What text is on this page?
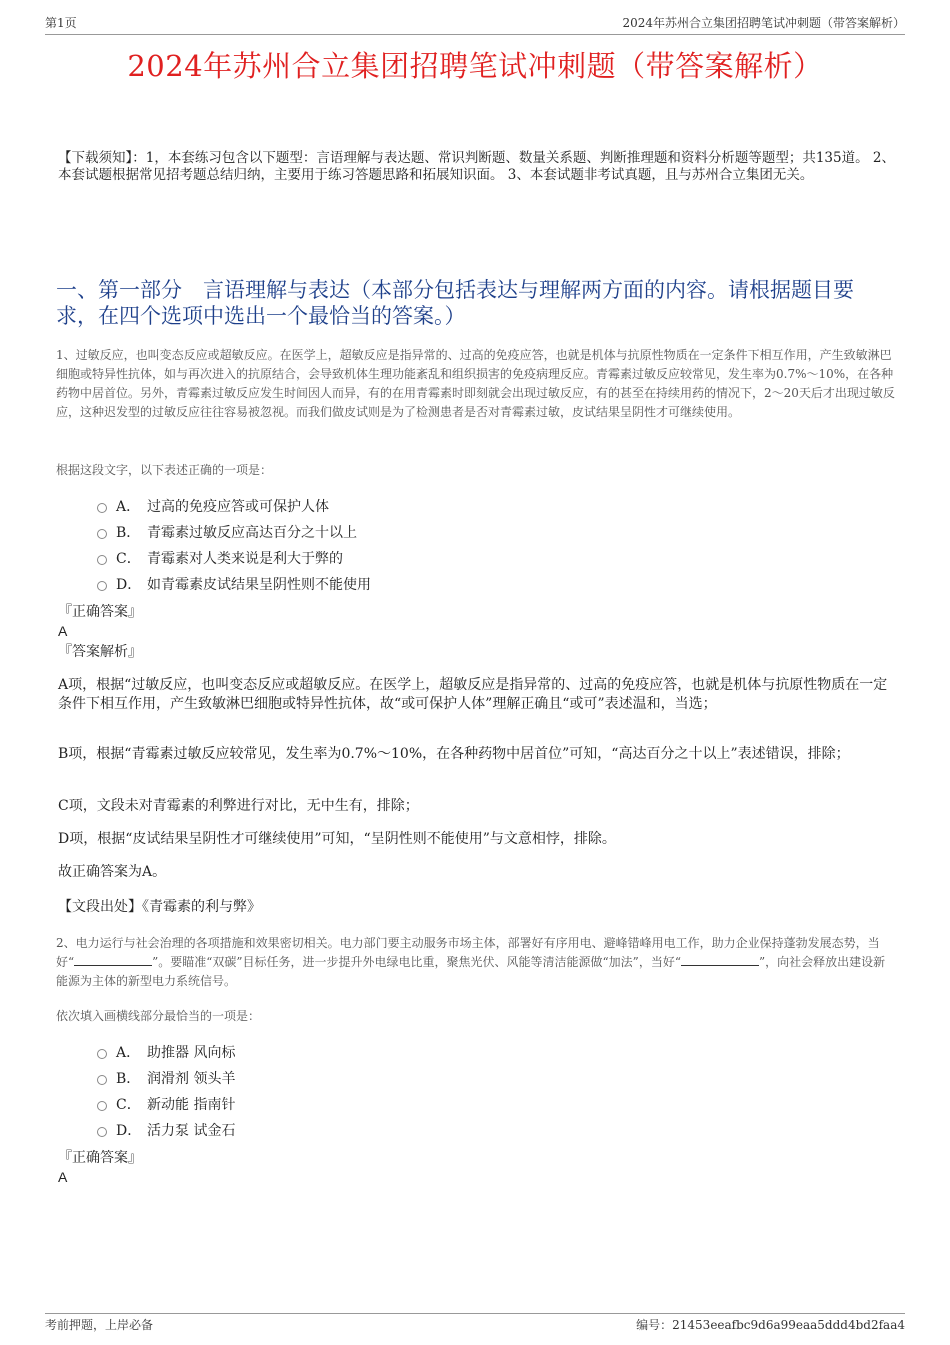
第1页	2024年苏州合立集团招聘笔试冲刺题（带答案解析）
2024年苏州合立集团招聘笔试冲刺题（带答案解析）
【下载须知】：1，本套练习包含以下题型：言语理解与表达题、常识判断题、数量关系题、判断推理题和资料分析题等题型；共135道。 2、本套试题根据常见招考题总结归纳，主要用于练习答题思路和拓展知识面。 3、本套试题非考试真题，且与苏州合立集团无关。
一、第一部分　言语理解与表达（本部分包括表达与理解两方面的内容。请根据题目要求，在四个选项中选出一个最恰当的答案。）
1、过敏反应，也叫变态反应或超敏反应。在医学上，超敏反应是指异常的、过高的免疫应答，也就是机体与抗原性物质在一定条件下相互作用，产生致敏淋巴细胞或特异性抗体，如与再次进入的抗原结合，会导致机体生理功能紊乱和组织损害的免疫病理反应。青霉素过敏反应较常见，发生率为0.7%～10%，在各种药物中居首位。另外，青霉素过敏反应发生时间因人而异，有的在用青霉素时即刻就会出现过敏反应，有的甚至在持续用药的情况下，2～20天后才出现过敏反应，这种迟发型的过敏反应往往容易被忽视。而我们做皮试则是为了检测患者是否对青霉素过敏，皮试结果呈阴性才可继续使用。
根据这段文字，以下表述正确的一项是：
A． 过高的免疫应答或可保护人体
B． 青霉素过敏反应高达百分之十以上
C． 青霉素对人类来说是利大于弊的
D． 如青霉素皮试结果呈阴性则不能使用
『正确答案』
A
『答案解析』
A项，根据“过敏反应，也叫变态反应或超敏反应。在医学上，超敏反应是指异常的、过高的免疫应答，也就是机体与抗原性物质在一定条件下相互作用，产生致敏淋巴细胞或特异性抗体，故“或可保护人体”理解正确且“或可”表述温和，当选；
B项，根据“青霉素过敏反应较常见，发生率为0.7%～10%，在各种药物中居首位”可知，“高达百分之十以上”表述错误，排除；
C项，文段未对青霉素的利弊进行对比，无中生有，排除；
D项，根据“皮试结果呈阴性才可继续使用”可知，“呈阴性则不能使用”与文意相悖，排除。
故正确答案为A。
【文段出处】《青霉素的利与弊》
2、电力运行与社会治理的各项措施和效果密切相关。电力部门要主动服务市场主体，部署好有序用电、避峰错峰用电工作，助力企业保持蓬勃发展态势，当好“	”。要瞄准“双碳”目标任务，进一步提升外电绿电比重，聚焦光伏、风能等清洁能源做“加法”，当好“	”，向社会释放出建设新能源为主体的新型电力系统信号。
依次填入画横线部分最恰当的一项是：
A． 助推器 风向标
B． 润滑剂 领头羊
C． 新动能 指南针
D． 活力泵 试金石
『正确答案』
A
考前押题，上岸必备	编号：21453eeafbc9d6a99eaa5ddd4bd2faa4
